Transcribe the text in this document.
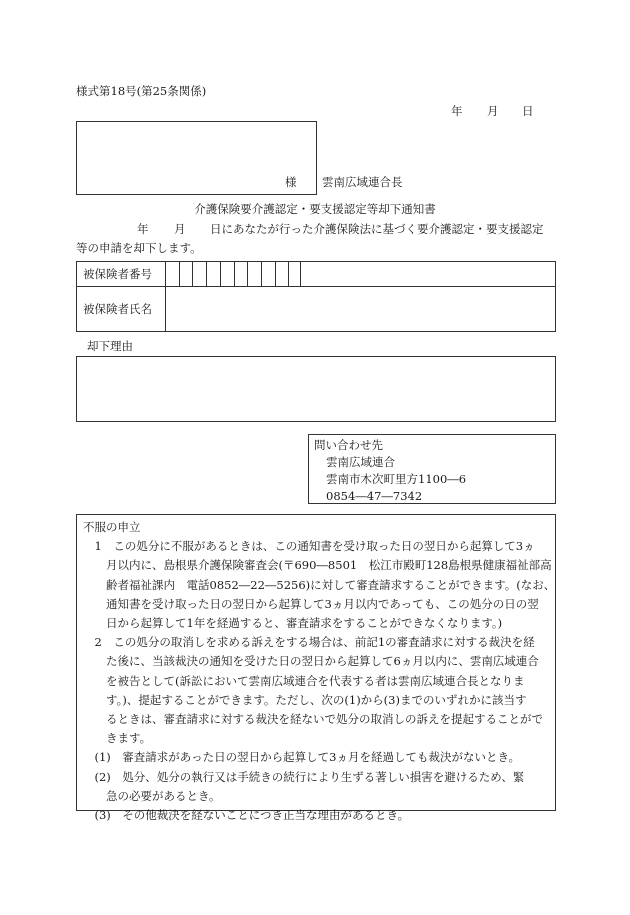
様式第18号(第25条関係)
年 月 日
様 雲南広域連合長
介護保険要介護認定・要支援認定等却下通知書
年 月 日にあなたが行った介護保険法に基づく要介護認定・要支援認定
等の申請を却下します。
被保険者番号
被保険者氏名
却下理由
問い合わせ先
雲南広域連合
雲南市木次町里方1100―6
0854―47―7342

不服の申立

　1　この処分に不服があるときは、この通知書を受け取った日の翌日から起算して3ヵ

　　月以内に、島根県介護保険審査会(〒690―8501　松江市殿町128島根県健康福祉部高

　　齢者福祉課内　電話0852―22―5256)に対して審査請求することができます。(なお、

　　通知書を受け取った日の翌日から起算して3ヵ月以内であっても、この処分の日の翌

　　日から起算して1年を経過すると、審査請求をすることができなくなります。)

　2　この処分の取消しを求める訴えをする場合は、前記1の審査請求に対する裁決を経

　　た後に、当該裁決の通知を受けた日の翌日から起算して6ヵ月以内に、雲南広域連合

　　を被告として(訴訟において雲南広域連合を代表する者は雲南広域連合長となりま

　　す。)、提起することができます。ただし、次の(1)から(3)までのいずれかに該当す

　　るときは、審査請求に対する裁決を経ないで処分の取消しの訴えを提起することがで

　　きます。

　(1)　審査請求があった日の翌日から起算して3ヵ月を経過しても裁決がないとき。

　(2)　処分、処分の執行又は手続きの続行により生ずる著しい損害を避けるため、緊

　　急の必要があるとき。

　(3)　その他裁決を経ないことにつき正当な理由があるとき。
